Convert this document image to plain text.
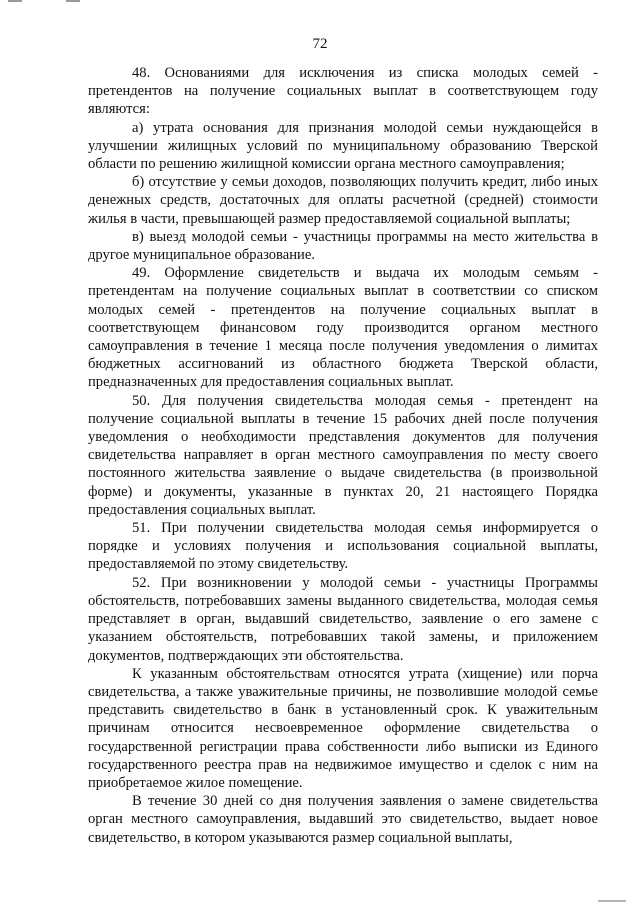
72

48. Основаниями для исключения из списка молодых семей - претендентов на получение социальных выплат в соответствующем году являются:

а) утрата основания для признания молодой семьи нуждающейся в улучшении жилищных условий по муниципальному образованию Тверской области по решению жилищной комиссии органа местного самоуправления;

б) отсутствие у семьи доходов, позволяющих получить кредит, либо иных денежных средств, достаточных для оплаты расчетной (средней) стоимости жилья в части, превышающей размер предоставляемой социальной выплаты;

в) выезд молодой семьи - участницы программы на место жительства в другое муниципальное образование.

49. Оформление свидетельств и выдача их молодым семьям - претендентам на получение социальных выплат в соответствии со списком молодых семей - претендентов на получение социальных выплат в соответствующем финансовом году производится органом местного самоуправления в течение 1 месяца после получения уведомления о лимитах бюджетных ассигнований из областного бюджета Тверской области, предназначенных для предоставления социальных выплат.

50. Для получения свидетельства молодая семья - претендент на получение социальной выплаты в течение 15 рабочих дней после получения уведомления о необходимости представления документов для получения свидетельства направляет в орган местного самоуправления по месту своего постоянного жительства заявление о выдаче свидетельства (в произвольной форме) и документы, указанные в пунктах 20, 21 настоящего Порядка предоставления социальных выплат.

51. При получении свидетельства молодая семья информируется о порядке и условиях получения и использования социальной выплаты, предоставляемой по этому свидетельству.

52. При возникновении у молодой семьи - участницы Программы обстоятельств, потребовавших замены выданного свидетельства, молодая семья представляет в орган, выдавший свидетельство, заявление о его замене с указанием обстоятельств, потребовавших такой замены, и приложением документов, подтверждающих эти обстоятельства.

К указанным обстоятельствам относятся утрата (хищение) или порча свидетельства, а также уважительные причины, не позволившие молодой семье представить свидетельство в банк в установленный срок. К уважительным причинам относится несвоевременное оформление свидетельства о государственной регистрации права собственности либо выписки из Единого государственного реестра прав на недвижимое имущество и сделок с ним на приобретаемое жилое помещение.

В течение 30 дней со дня получения заявления о замене свидетельства орган местного самоуправления, выдавший это свидетельство, выдает новое свидетельство, в котором указываются размер социальной выплаты,
